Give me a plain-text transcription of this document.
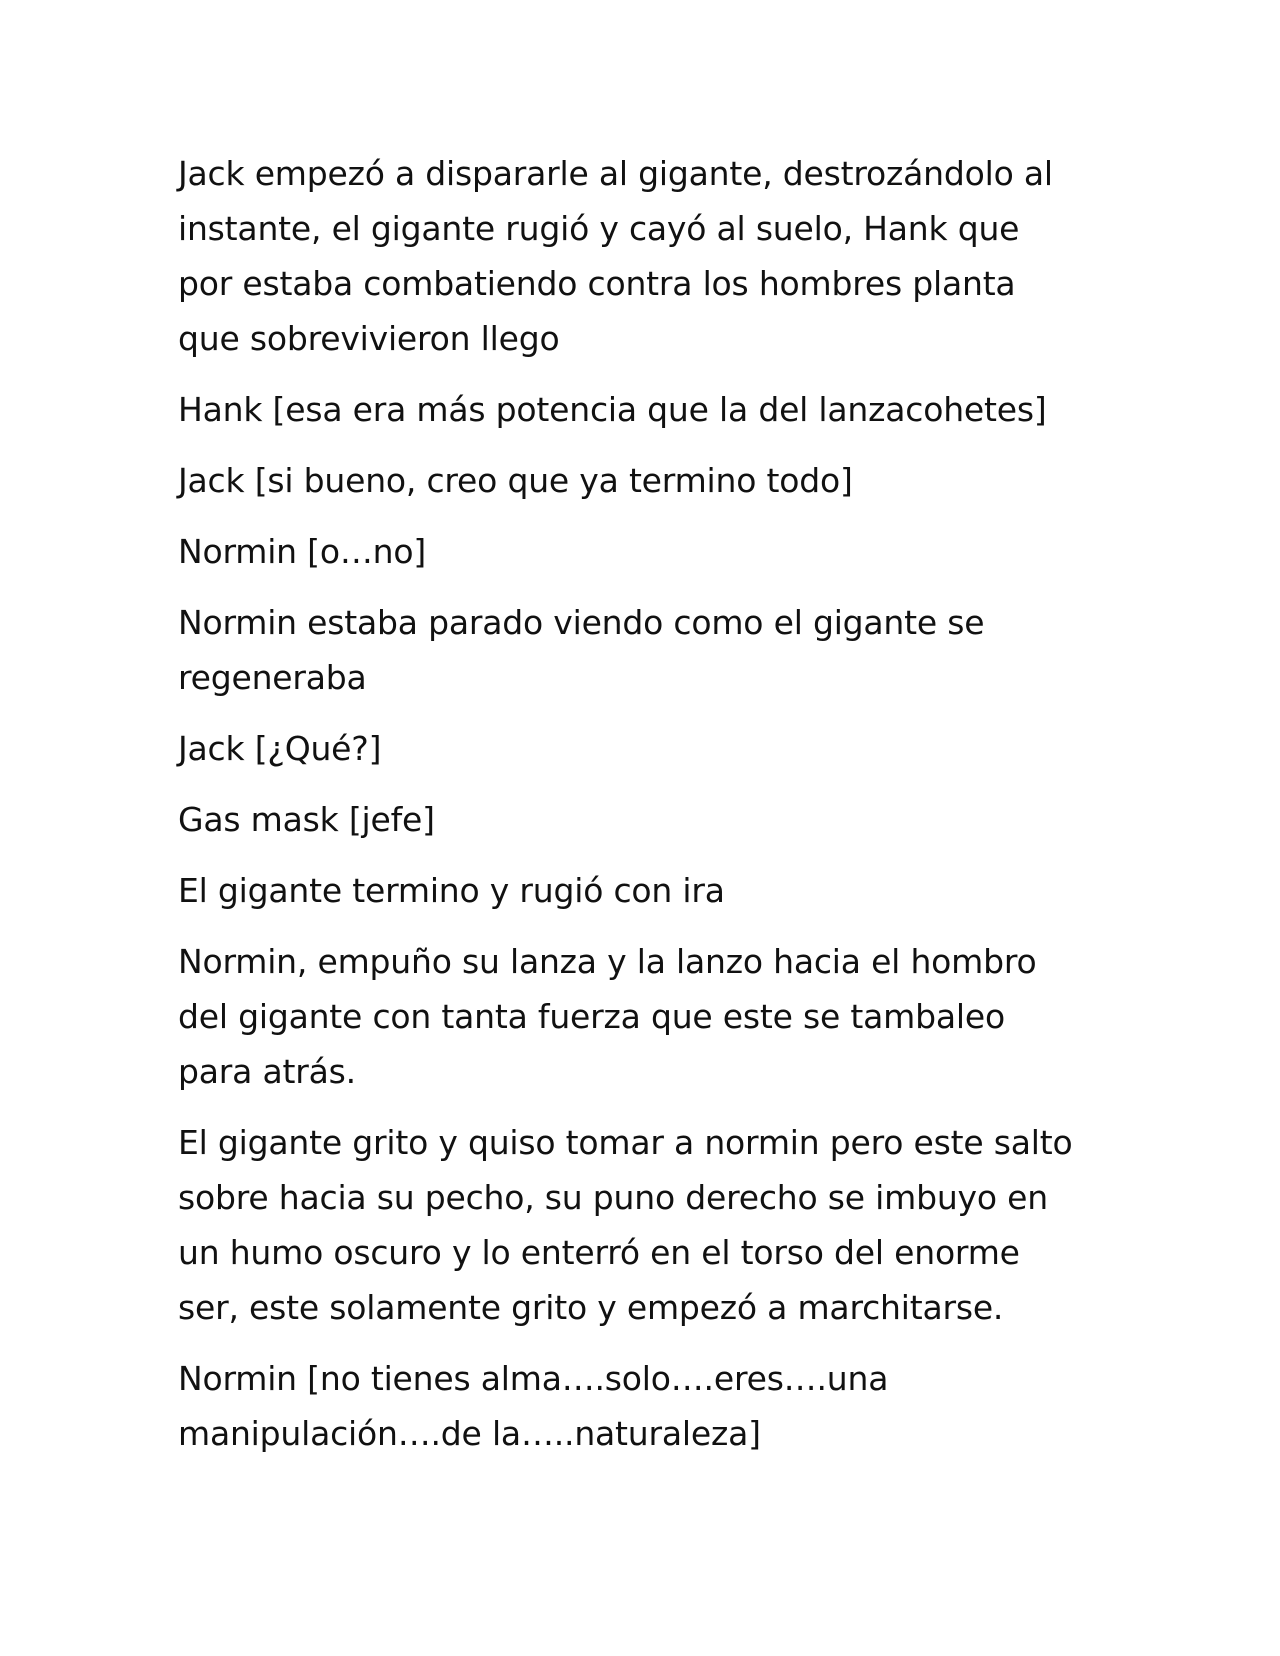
Jack empezó a dispararle al gigante, destrozándolo al
instante, el gigante rugió y cayó al suelo, Hank que
por estaba combatiendo contra los hombres planta
que sobrevivieron llego

Hank [esa era más potencia que la del lanzacohetes]

Jack [si bueno, creo que ya termino todo]

Normin [o…no]

Normin estaba parado viendo como el gigante se
regeneraba

Jack [¿Qué?]

Gas mask [jefe]

El gigante termino y rugió con ira

Normin, empuño su lanza y la lanzo hacia el hombro
del gigante con tanta fuerza que este se tambaleo
para atrás.

El gigante grito y quiso tomar a normin pero este salto
sobre hacia su pecho, su puno derecho se imbuyo en
un humo oscuro y lo enterró en el torso del enorme
ser, este solamente grito y empezó a marchitarse.

Normin [no tienes alma….solo….eres….una
manipulación….de la…..naturaleza]
